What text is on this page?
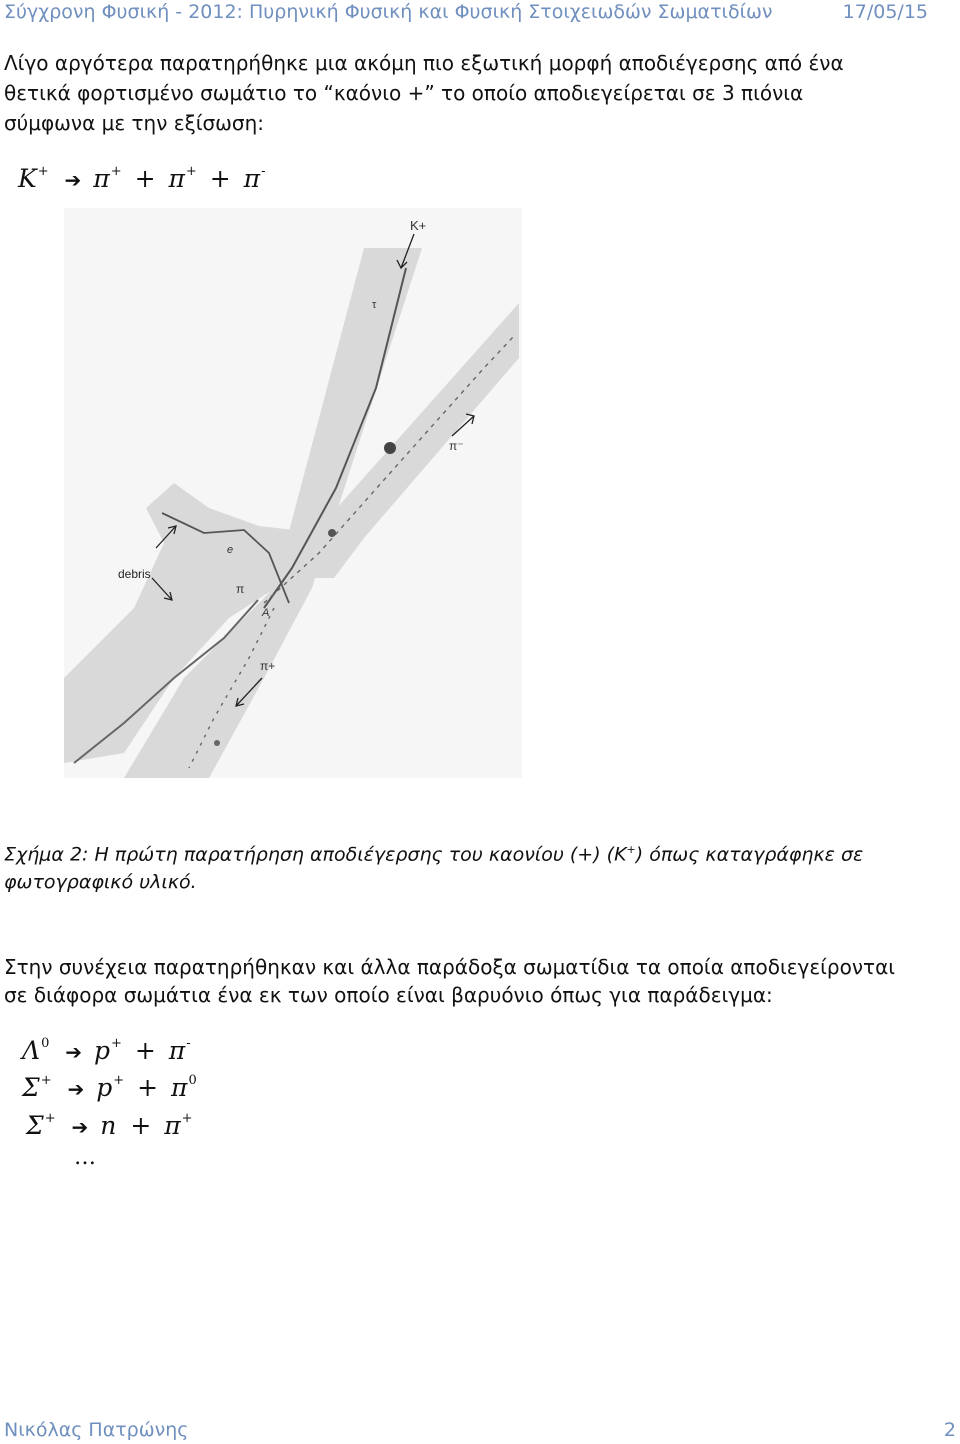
Σύγχρονη Φυσική - 2012: Πυρηνική Φυσική και Φυσική Στοιχειωδών Σωματιδίων	17/05/15

Λίγο αργότερα παρατηρήθηκε μια ακόμη πιο εξωτική μορφή αποδιέγερσης από ένα
θετικά φορτισμένο σωμάτιο το “καόνιο +” το οποίο αποδιεγείρεται σε 3 πιόνια
σύμφωνα με την εξίσωση:

K+ ➔ π+ + π+ + π-
K+
τ
π⁻
debris
e
π
A
π+

Σχήμα 2: Η πρώτη παρατήρηση αποδιέγερσης του καονίου (+) (K+) όπως καταγράφηκε σε
φωτογραφικό υλικό.

Στην συνέχεια παρατηρήθηκαν και άλλα παράδοξα σωματίδια τα οποία αποδιεγείρονται
σε διάφορα σωμάτια ένα εκ των οποίο είναι βαρυόνιο όπως για παράδειγμα:

$\Lambda^0$ ➔ p+ + π-
Σ+ ➔ $p^+ + \pi^0$
Σ+ ➔ n + π+
…
Νικόλας Πατρώνης	2
